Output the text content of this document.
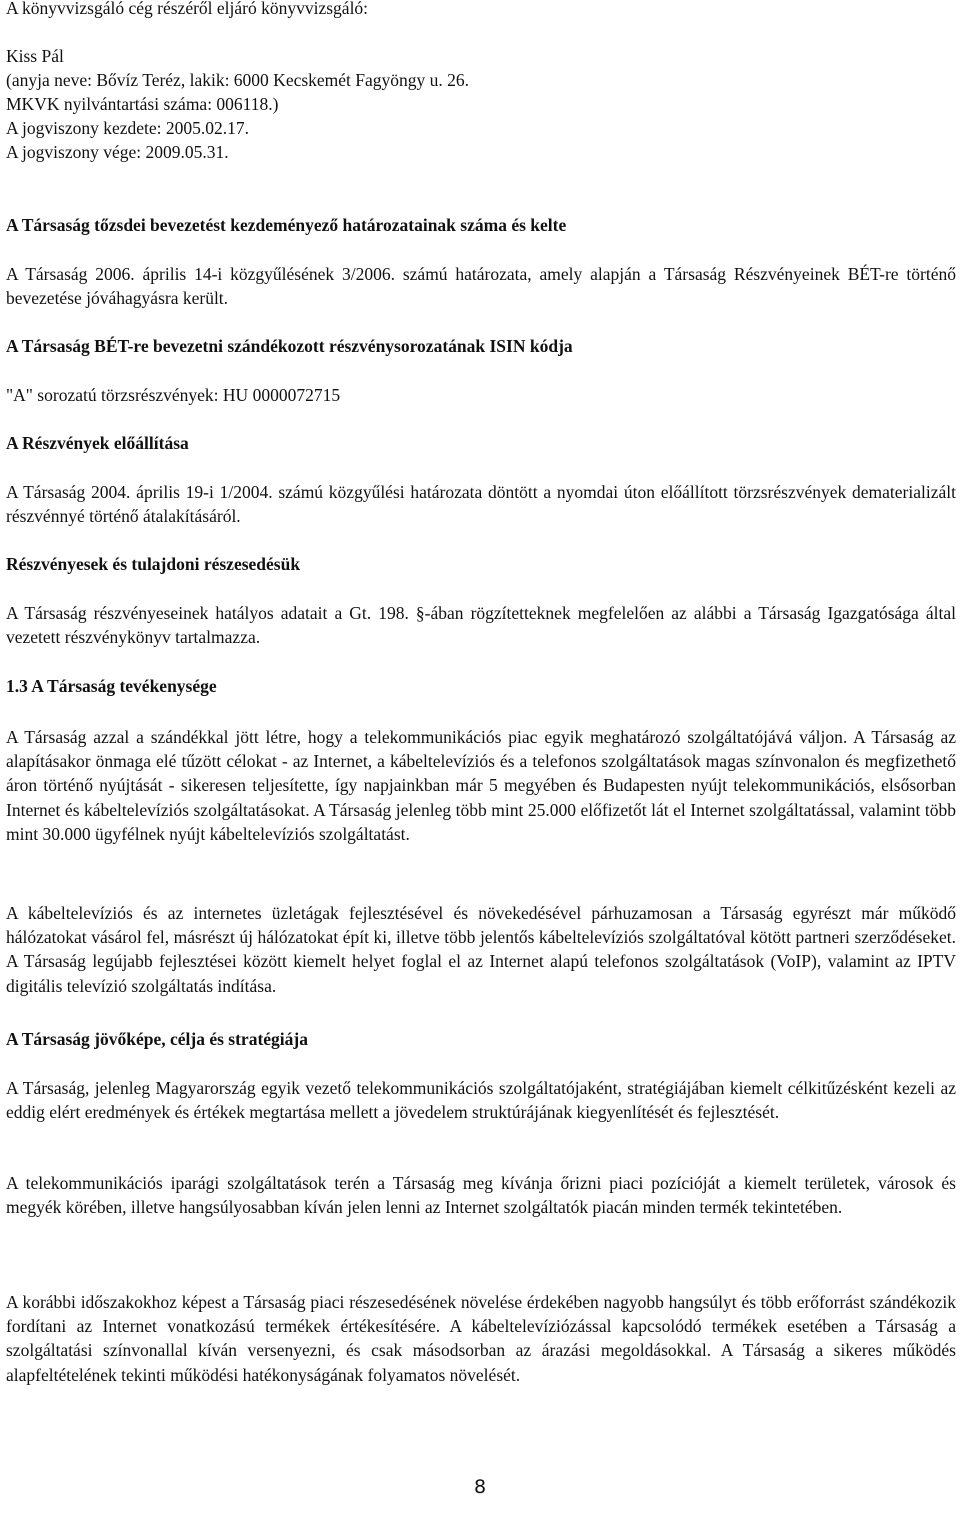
A könyvvizsgáló cég részéről eljáró könyvvizsgáló:
Kiss Pál
(anyja neve: Bővíz Teréz, lakik: 6000 Kecskemét Fagyöngy u. 26.
MKVK nyilvántartási száma: 006118.)
A jogviszony kezdete: 2005.02.17.
A jogviszony vége: 2009.05.31.
A Társaság tőzsdei bevezetést kezdeményező határozatainak száma és kelte
A Társaság 2006. április 14-i közgyűlésének 3/2006. számú határozata, amely alapján a Társaság Részvényeinek BÉT-re történő bevezetése jóváhagyásra került.
A Társaság BÉT-re bevezetni szándékozott részvénysorozatának ISIN kódja
"A" sorozatú törzsrészvények: HU 0000072715
A Részvények előállítása
A Társaság 2004. április 19-i 1/2004. számú közgyűlési határozata döntött a nyomdai úton előállított törzsrészvények dematerializált részvénnyé történő átalakításáról.
Részvényesek és tulajdoni részesedésük
A Társaság részvényeseinek hatályos adatait a Gt. 198. §-ában rögzítetteknek megfelelően az alábbi a Társaság Igazgatósága által vezetett részvénykönyv tartalmazza.
1.3 A Társaság tevékenysége
A Társaság azzal a szándékkal jött létre, hogy a telekommunikációs piac egyik meghatározó szolgáltatójává váljon. A Társaság az alapításakor önmaga elé tűzött célokat - az Internet, a kábeltelevíziós és a telefonos szolgáltatások magas színvonalon és megfizethető áron történő nyújtását - sikeresen teljesítette, így napjainkban már 5 megyében és Budapesten nyújt telekommunikációs, elsősorban Internet és kábeltelevíziós szolgáltatásokat. A Társaság jelenleg több mint 25.000 előfizetőt lát el Internet szolgáltatással, valamint több mint 30.000 ügyfélnek nyújt kábeltelevíziós szolgáltatást.
A kábeltelevíziós és az internetes üzletágak fejlesztésével és növekedésével párhuzamosan a Társaság egyrészt már működő hálózatokat vásárol fel, másrészt új hálózatokat épít ki, illetve több jelentős kábeltelevíziós szolgáltatóval kötött partneri szerződéseket. A Társaság legújabb fejlesztései között kiemelt helyet foglal el az Internet alapú telefonos szolgáltatások (VoIP), valamint az IPTV digitális televízió szolgáltatás indítása.
A Társaság jövőképe, célja és stratégiája
A Társaság, jelenleg Magyarország egyik vezető telekommunikációs szolgáltatójaként, stratégiájában kiemelt célkitűzésként kezeli az eddig elért eredmények és értékek megtartása mellett a jövedelem struktúrájának kiegyenlítését és fejlesztését.
A telekommunikációs iparági szolgáltatások terén a Társaság meg kívánja őrizni piaci pozícióját a kiemelt területek, városok és megyék körében, illetve hangsúlyosabban kíván jelen lenni az Internet szolgáltatók piacán minden termék tekintetében.
A korábbi időszakokhoz képest a Társaság piaci részesedésének növelése érdekében nagyobb hangsúlyt és több erőforrást szándékozik fordítani az Internet vonatkozású termékek értékesítésére. A kábeltelevíziózással kapcsolódó termékek esetében a Társaság a szolgáltatási színvonallal kíván versenyezni, és csak másodsorban az árazási megoldásokkal. A Társaság a sikeres működés alapfeltételének tekinti működési hatékonyságának folyamatos növelését.
8
